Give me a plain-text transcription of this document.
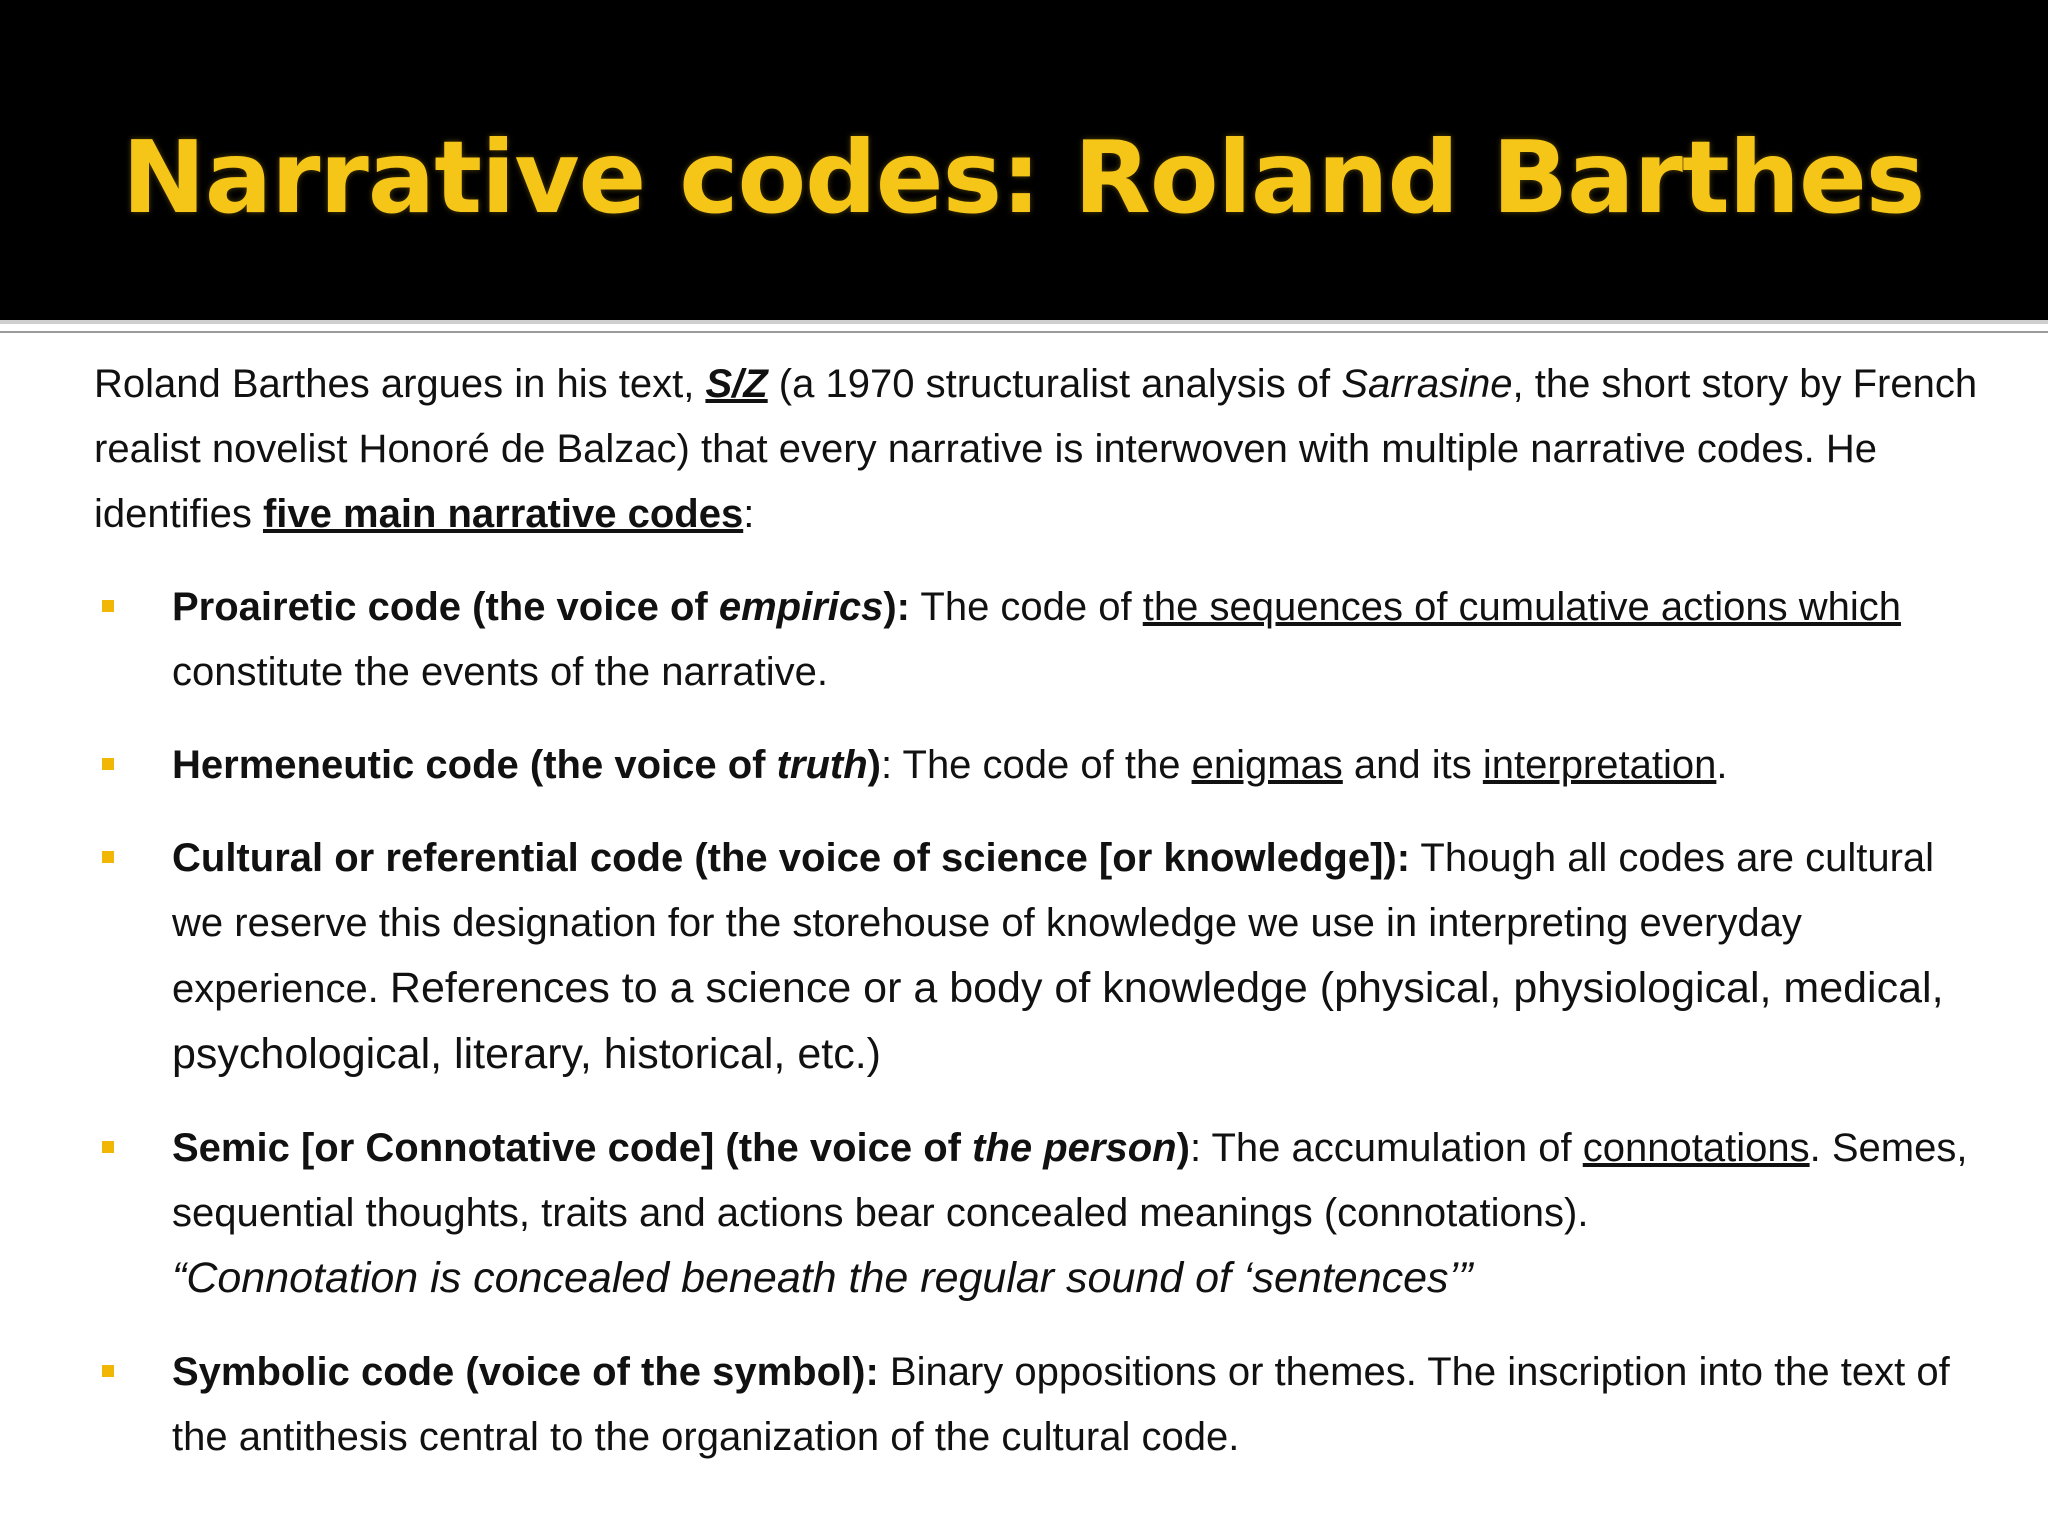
Narrative codes: Roland Barthes

Roland Barthes argues in his text, S/Z (a 1970 structuralist analysis of Sarrasine, the short story by French realist novelist Honoré de Balzac) that every narrative is interwoven with multiple narrative codes. He identifies five main narrative codes:

Proairetic code (the voice of empirics): The code of the sequences of cumulative actions which constitute the events of the narrative.
Hermeneutic code (the voice of truth): The code of the enigmas and its interpretation.
Cultural or referential code (the voice of science [or knowledge]): Though all codes are cultural we reserve this designation for the storehouse of knowledge we use in interpreting everyday experience. References to a science or a body of knowledge (physical, physiological, medical, psychological, literary, historical, etc.)
Semic [or Connotative code] (the voice of the person): The accumulation of connotations. Semes, sequential thoughts, traits and actions bear concealed meanings (connotations).
“Connotation is concealed beneath the regular sound of ‘sentences’”
Symbolic code (voice of the symbol): Binary oppositions or themes. The inscription into the text of the antithesis central to the organization of the cultural code.
